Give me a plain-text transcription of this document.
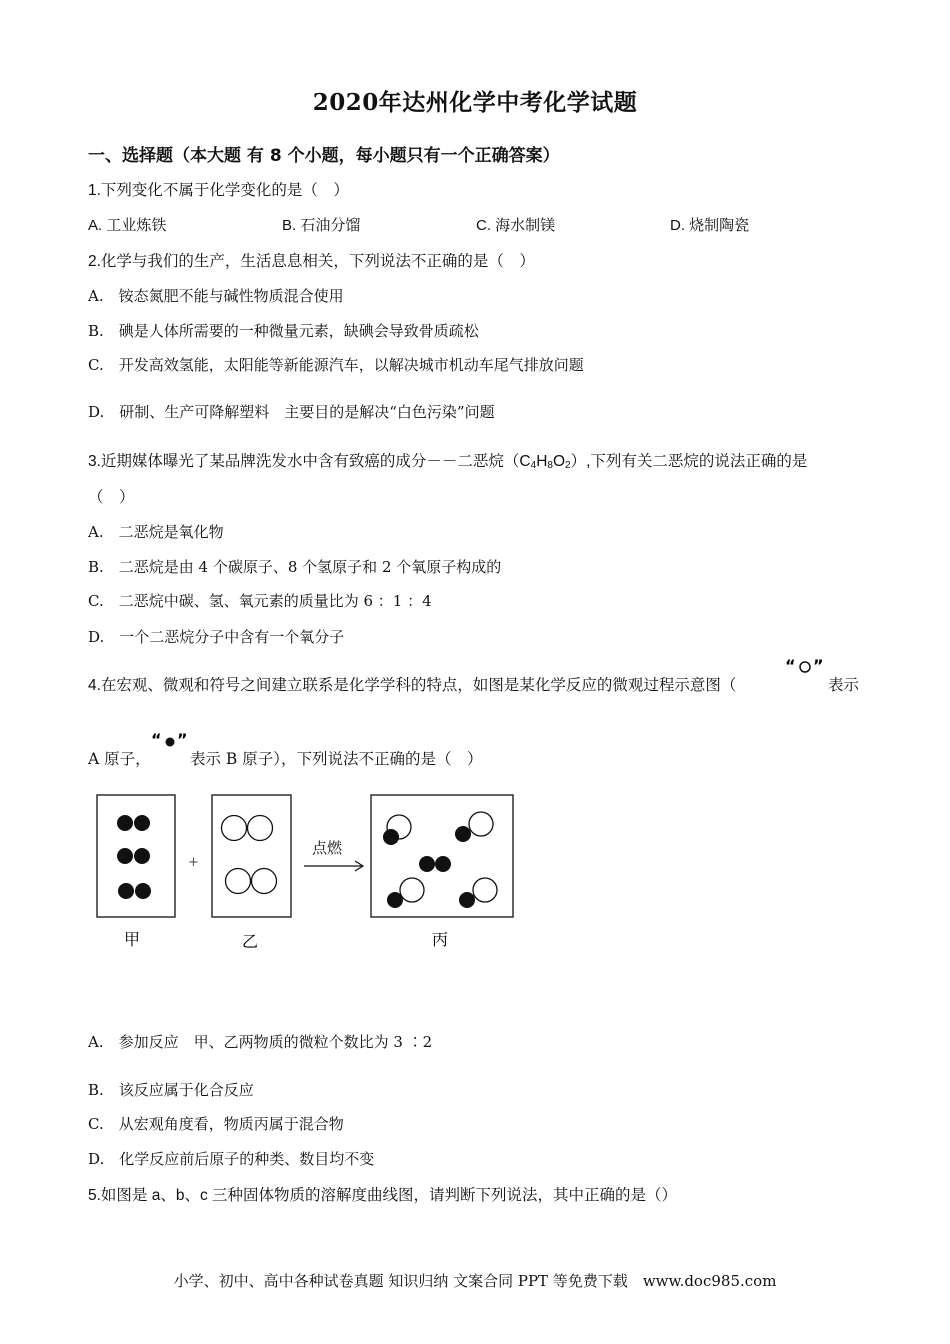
2020年达州化学中考化学试题
一、选择题（本大题 有 8 个小题，每小题只有一个正确答案）
1.下列变化不属于化学变化的是（　）
A. 工业炼铁	B. 石油分馏	C. 海水制镁	D. 烧制陶瓷
2.化学与我们的生产，生活息息相关，下列说法不正确的是（　）
A.　铵态氮肥不能与碱性物质混合使用
B.　碘是人体所需要的一种微量元素，缺碘会导致骨质疏松
C.　开发高效氢能，太阳能等新能源汽车，以解决城市机动车尾气排放问题
D.　研制、生产可降解塑料　主要目的是解决“白色污染”问题
3.近期媒体曝光了某品牌洗发水中含有致癌的成分－－二恶烷$(C_4H_8O_2)$,下列有关二恶烷的说法正确的是
（　）
A.　二恶烷是氧化物
B.　二恶烷是由 4 个碳原子、8 个氢原子和 2 个氧原子构成的
C.　二恶烷中碳、氢、氧元素的质量比为 6 ：1 ：4
D.　一个二恶烷分子中含有一个氧分子
4.在宏观、微观和符号之间建立联系是化学学科的特点，如图是某化学反应的微观过程示意图（
“ ”
表示
A 原子，
“ ”
表示 B 原子），下列说法不正确的是（　）
+
点燃
甲	乙	丙
A.　参加反应　甲、乙两物质的微粒个数比为 3 ∶2
B.　该反应属于化合反应
C.　从宏观角度看，物质丙属于混合物
D.　化学反应前后原子的种类、数目均不变
5.如图是 a、b、c 三种固体物质的溶解度曲线图，请判断下列说法，其中正确的是（）
小学、初中、高中各种试卷真题 知识归纳 文案合同 PPT 等免费下载　www.doc985.com
